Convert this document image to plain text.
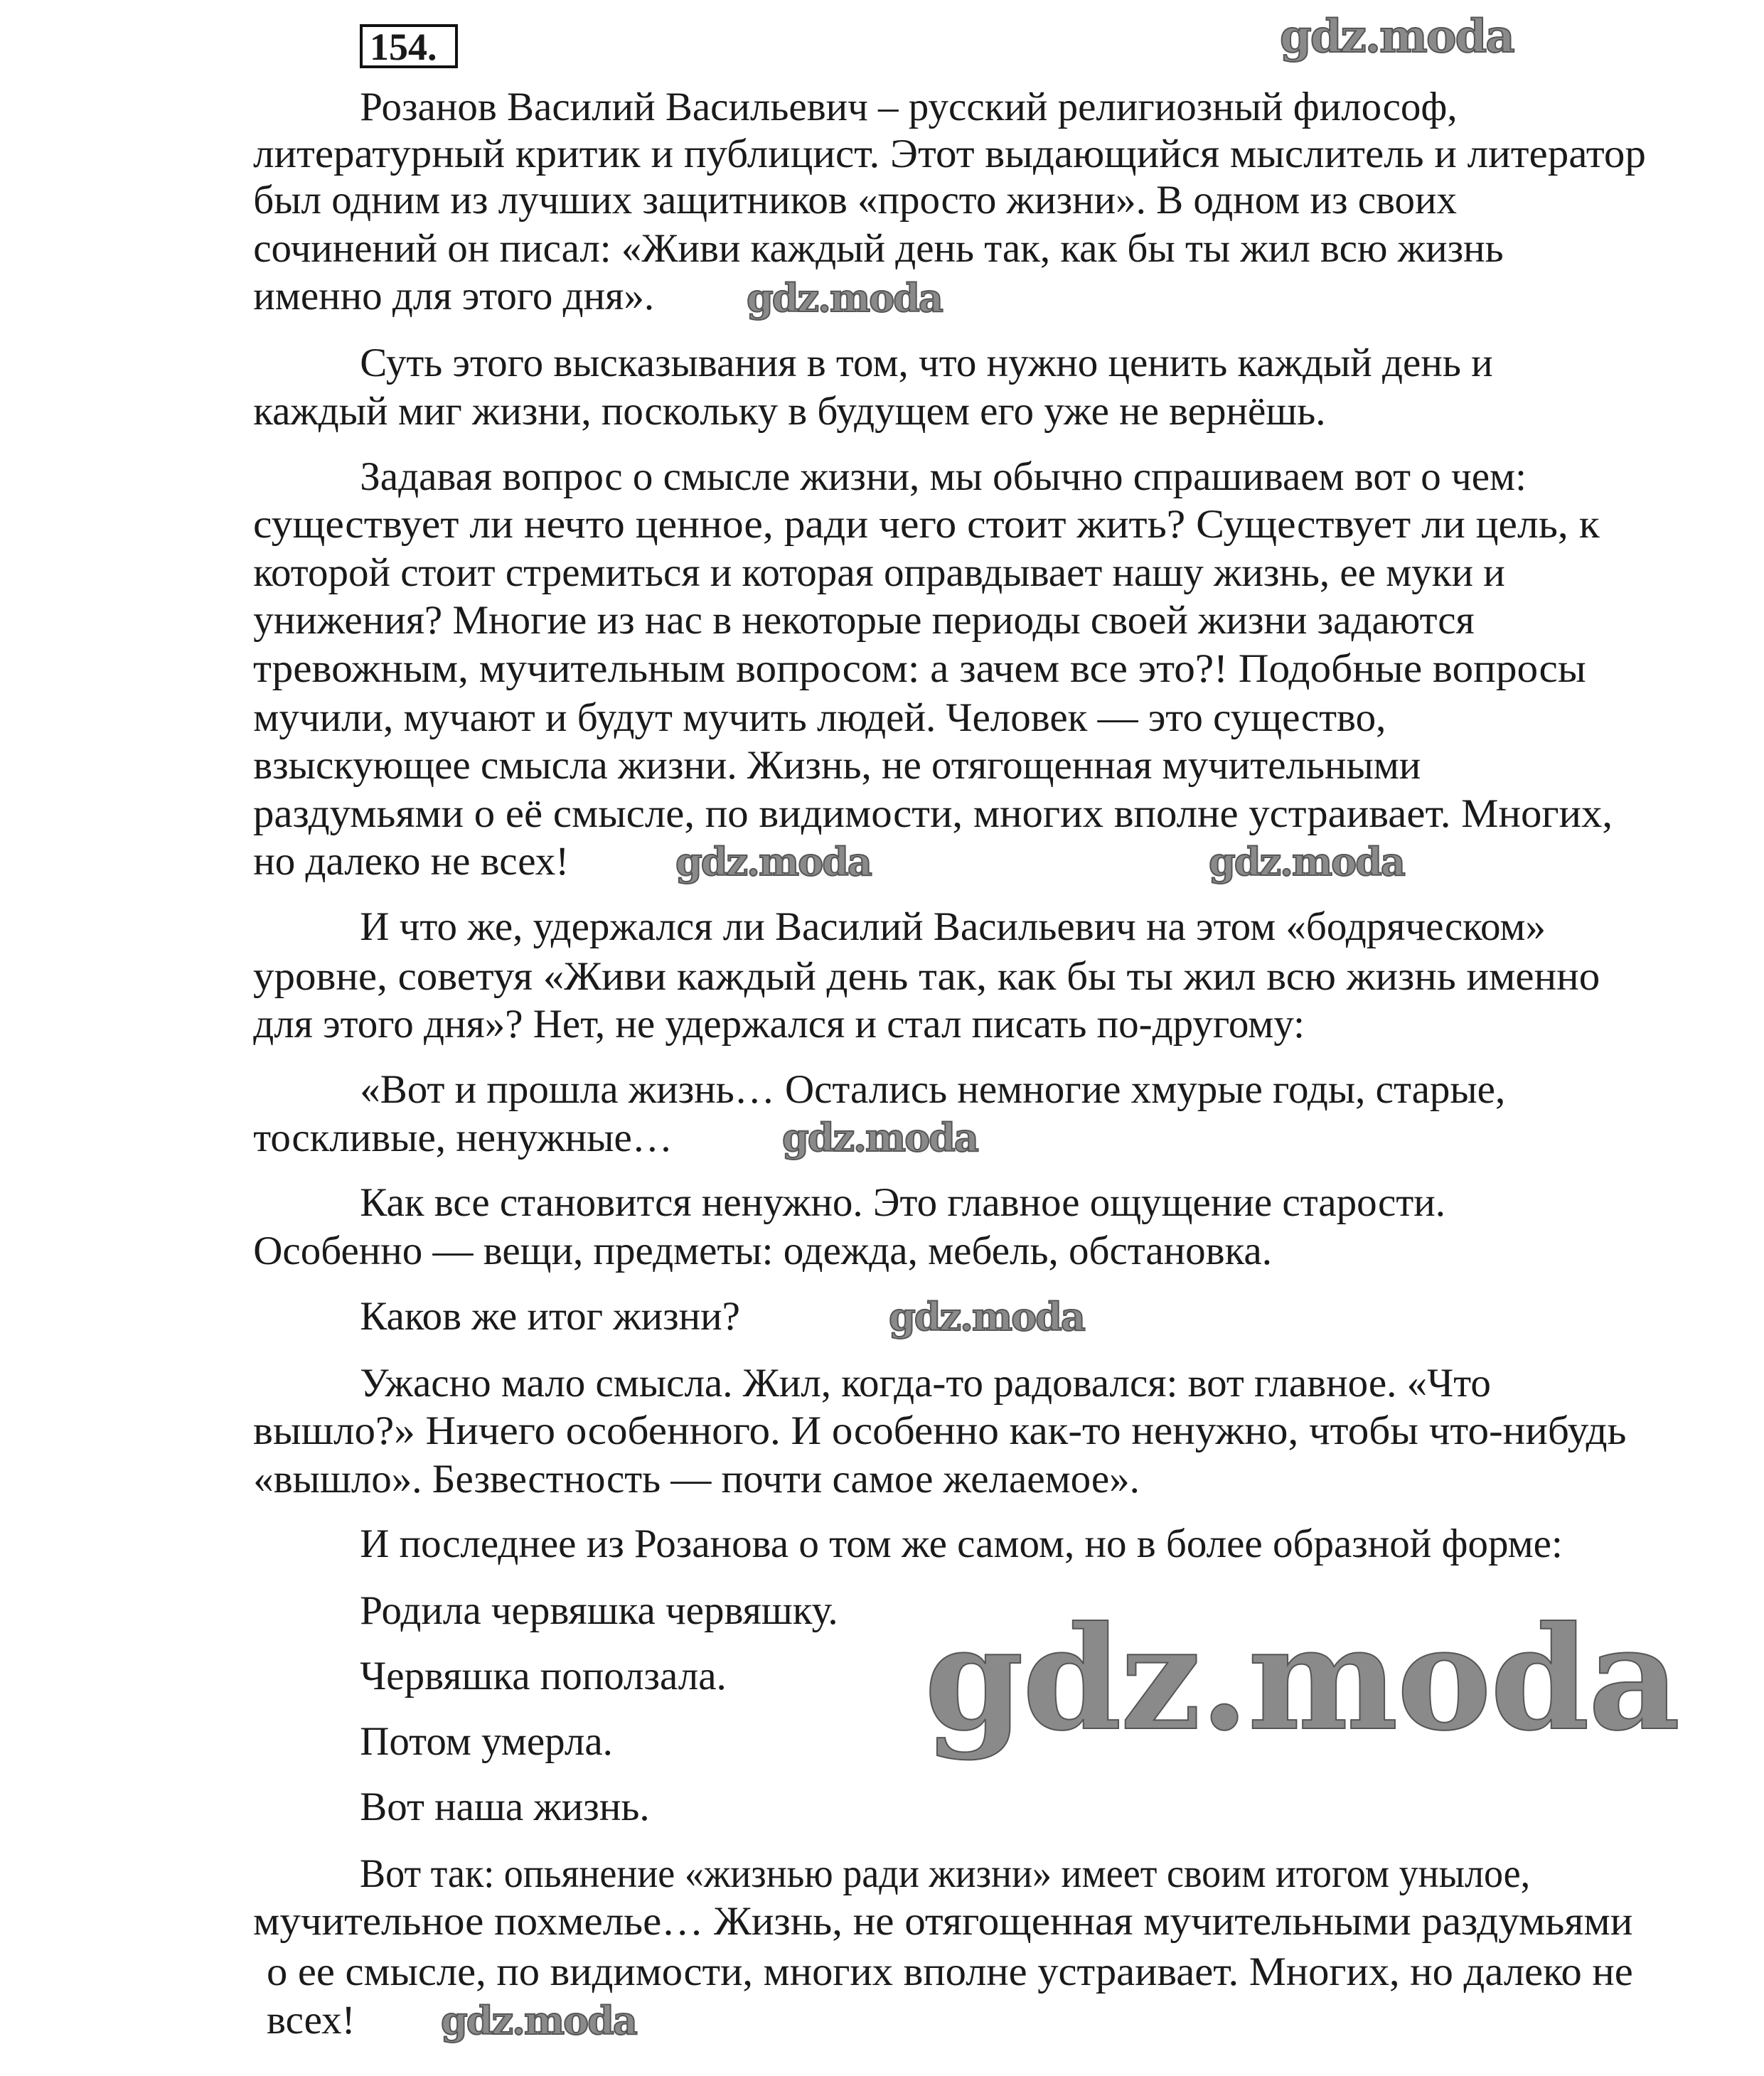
154.
Розанов Василий Васильевич – русский религиозный философ,
литературный критик и публицист. Этот выдающийся мыслитель и литератор
был одним из лучших защитников «просто жизни». В одном из своих
сочинений он писал: «Живи каждый день так, как бы ты жил всю жизнь
именно для этого дня».
Суть этого высказывания в том, что нужно ценить каждый день и
каждый миг жизни, поскольку в будущем его уже не вернёшь.
Задавая вопрос о смысле жизни, мы обычно спрашиваем вот о чем:
существует ли нечто ценное, ради чего стоит жить? Существует ли цель, к
которой стоит стремиться и которая оправдывает нашу жизнь, ее муки и
унижения? Многие из нас в некоторые периоды своей жизни задаются
тревожным, мучительным вопросом: а зачем все это?! Подобные вопросы
мучили, мучают и будут мучить людей. Человек — это существо,
взыскующее смысла жизни. Жизнь, не отягощенная мучительными
раздумьями о её смысле, по видимости, многих вполне устраивает. Многих,
но далеко не всех!
И что же, удержался ли Василий Васильевич на этом «бодряческом»
уровне, советуя «Живи каждый день так, как бы ты жил всю жизнь именно
для этого дня»? Нет, не удержался и стал писать по-другому:
«Вот и прошла жизнь… Остались немногие хмурые годы, старые,
тоскливые, ненужные…
Как все становится ненужно. Это главное ощущение старости.
Особенно — вещи, предметы: одежда, мебель, обстановка.
Каков же итог жизни?
Ужасно мало смысла. Жил, когда-то радовался: вот главное. «Что
вышло?» Ничего особенного. И особенно как-то ненужно, чтобы что-нибудь
«вышло». Безвестность — почти самое желаемое».
И последнее из Розанова о том же самом, но в более образной форме:
Родила червяшка червяшку.
Червяшка поползала.
Потом умерла.
Вот наша жизнь.
Вот так: опьянение «жизнью ради жизни» имеет своим итогом унылое,
мучительное похмелье… Жизнь, не отягощенная мучительными раздумьями
о ее смысле, по видимости, многих вполне устраивает. Многих, но далеко не
всех!
gdz.moda
gdz.moda
gdz.moda	gdz.moda
gdz.moda
gdz.moda
gdz.moda
gdz.moda
